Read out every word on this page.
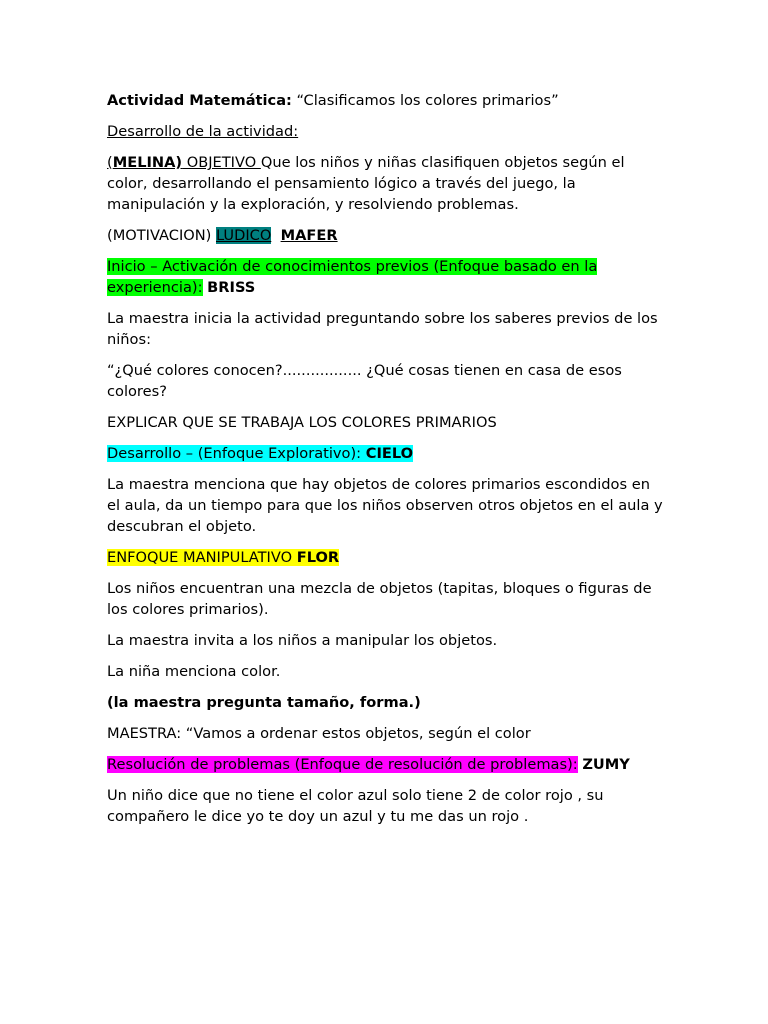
Actividad Matemática: “Clasificamos los colores primarios”

Desarrollo de la actividad:

(MELINA) OBJETIVO Que los niños y niñas clasifiquen objetos según el color, desarrollando el pensamiento lógico a través del juego, la manipulación y la exploración, y resolviendo problemas.

(MOTIVACION) LUDICO MAFER

Inicio – Activación de conocimientos previos (Enfoque basado en la experiencia): BRISS

La maestra inicia la actividad preguntando sobre los saberes previos de los niños:

“¿Qué colores conocen?................. ¿Qué cosas tienen en casa de esos colores?

EXPLICAR QUE SE TRABAJA LOS COLORES PRIMARIOS

Desarrollo – (Enfoque Explorativo): CIELO

La maestra menciona que hay objetos de colores primarios escondidos en el aula, da un tiempo para que los niños observen otros objetos en el aula y descubran el objeto.

ENFOQUE MANIPULATIVO FLOR

Los niños encuentran una mezcla de objetos (tapitas, bloques o figuras de los colores primarios).

La maestra invita a los niños a manipular los objetos.

La niña menciona color.

(la maestra pregunta tamaño, forma.)

MAESTRA: “Vamos a ordenar estos objetos, según el color

Resolución de problemas (Enfoque de resolución de problemas): ZUMY

Un niño dice que no tiene el color azul solo tiene 2 de color rojo , su compañero le dice yo te doy un azul y tu me das un rojo .
